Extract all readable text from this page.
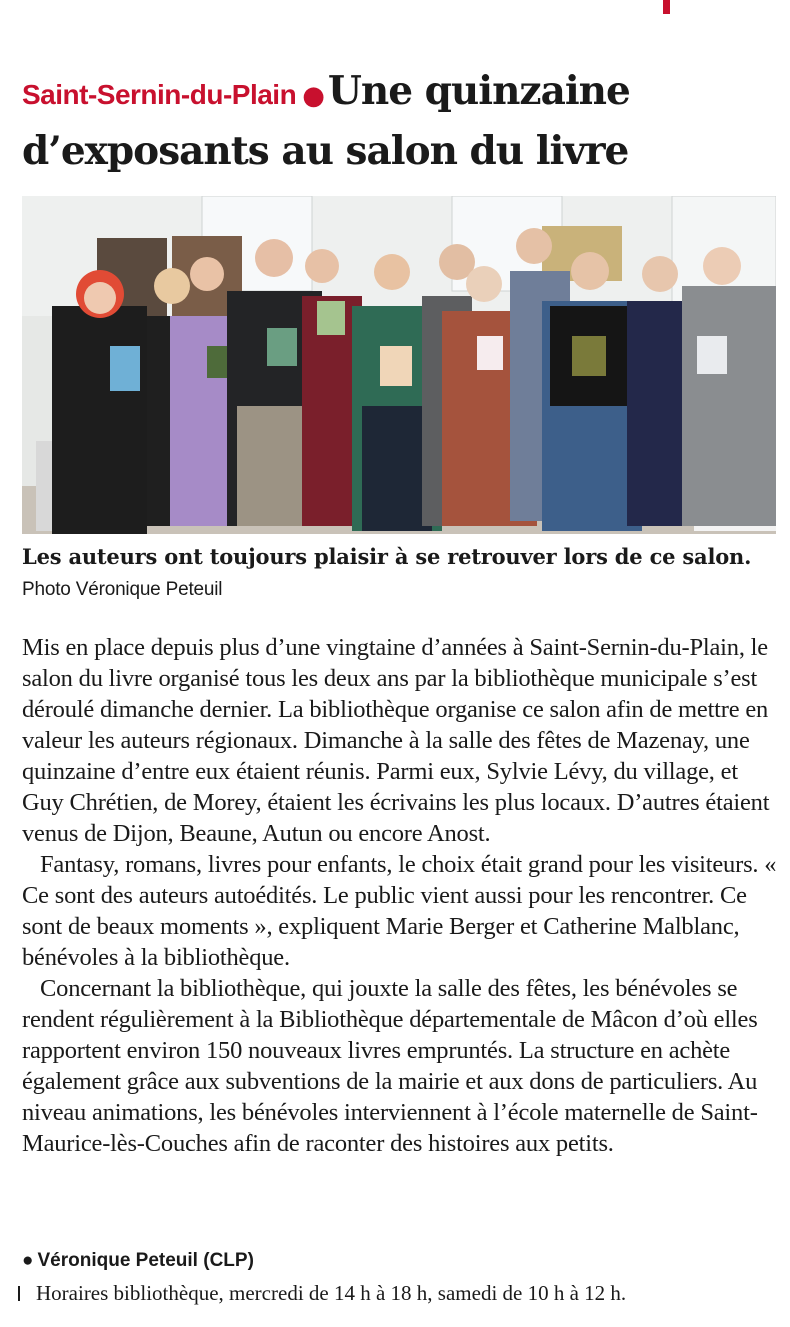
Saint-Sernin-du-Plain ● Une quinzaine
d’exposants au salon du livre

Les auteurs ont toujours plaisir à se retrouver lors de ce salon. Photo Véronique Peteuil

Mis en place depuis plus d’une vingtaine d’années à Saint-Sernin-du-Plain, le salon du livre organisé tous les deux ans par la bibliothèque municipale s’est déroulé dimanche dernier. La bibliothèque organise ce salon afin de mettre en valeur les auteurs régionaux. Dimanche à la salle des fêtes de Mazenay, une quinzaine d’entre eux étaient réunis. Parmi eux, Sylvie Lévy, du village, et Guy Chrétien, de Morey, étaient les écrivains les plus locaux. D’autres étaient venus de Dijon, Beaune, Autun ou encore Anost.

Fantasy, romans, livres pour enfants, le choix était grand pour les visiteurs. « Ce sont des auteurs autoédités. Le public vient aussi pour les rencontrer. Ce sont de beaux moments », expliquent Marie Berger et Catherine Malblanc, bénévoles à la bibliothèque.

Concernant la bibliothèque, qui jouxte la salle des fêtes, les bénévoles se rendent régulièrement à la Bibliothèque départementale de Mâcon d’où elles rapportent environ 150 nouveaux livres empruntés. La structure en achète également grâce aux subventions de la mairie et aux dons de particuliers. Au niveau animations, les bénévoles interviennent à l’école maternelle de Saint-Maurice-lès-Couches afin de raconter des histoires aux petits.

● Véronique Peteuil (CLP)
Horaires bibliothèque, mercredi de 14 h à 18 h, samedi de 10 h à 12 h.
